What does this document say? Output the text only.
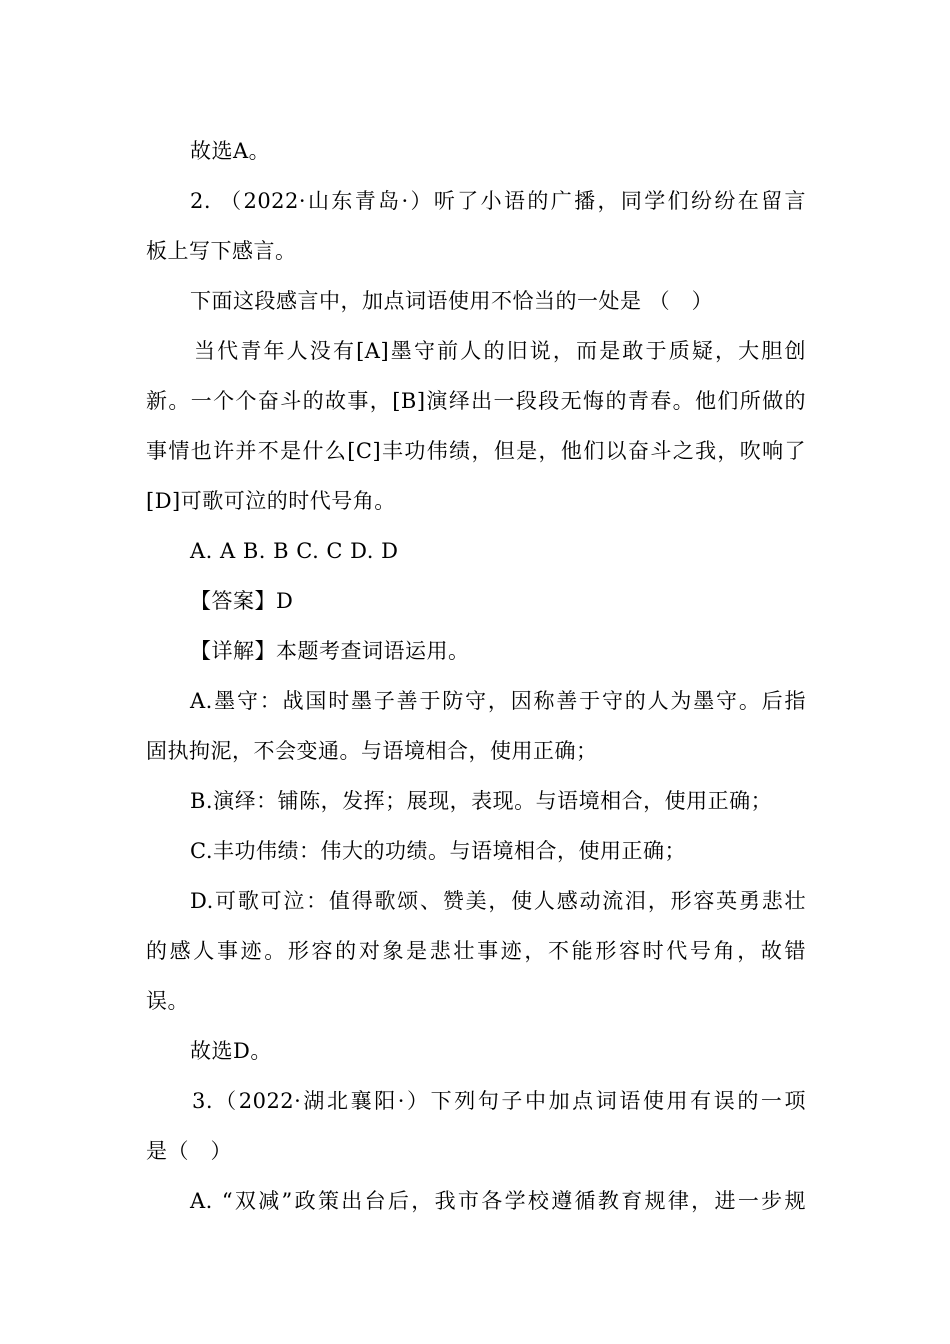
故选A。
2. （2022·山东青岛·）听了小语的广播，同学们纷纷在留言
板上写下感言。
下面这段感言中，加点词语使用不恰当的一处是 （　）
当代青年人没有[A]墨守前人的旧说，而是敢于质疑，大胆创
新。一个个奋斗的故事，[B]演绎出一段段无悔的青春。他们所做的
事情也许并不是什么[C]丰功伟绩，但是，他们以奋斗之我，吹响了
[D]可歌可泣的时代号角。
A. A B. B C. C D. D
【答案】D
【详解】本题考查词语运用。
A.墨守：战国时墨子善于防守，因称善于守的人为墨守。后指
固执拘泥，不会变通。与语境相合，使用正确；
B.演绎：铺陈，发挥；展现，表现。与语境相合，使用正确；
C.丰功伟绩：伟大的功绩。与语境相合，使用正确；
D.可歌可泣：值得歌颂、赞美，使人感动流泪，形容英勇悲壮
的感人事迹。形容的对象是悲壮事迹，不能形容时代号角，故错
误。
故选D。
3.（2022·湖北襄阳·）下列句子中加点词语使用有误的一项
是（　）
A. “双减”政策出台后，我市各学校遵循教育规律，进一步规
